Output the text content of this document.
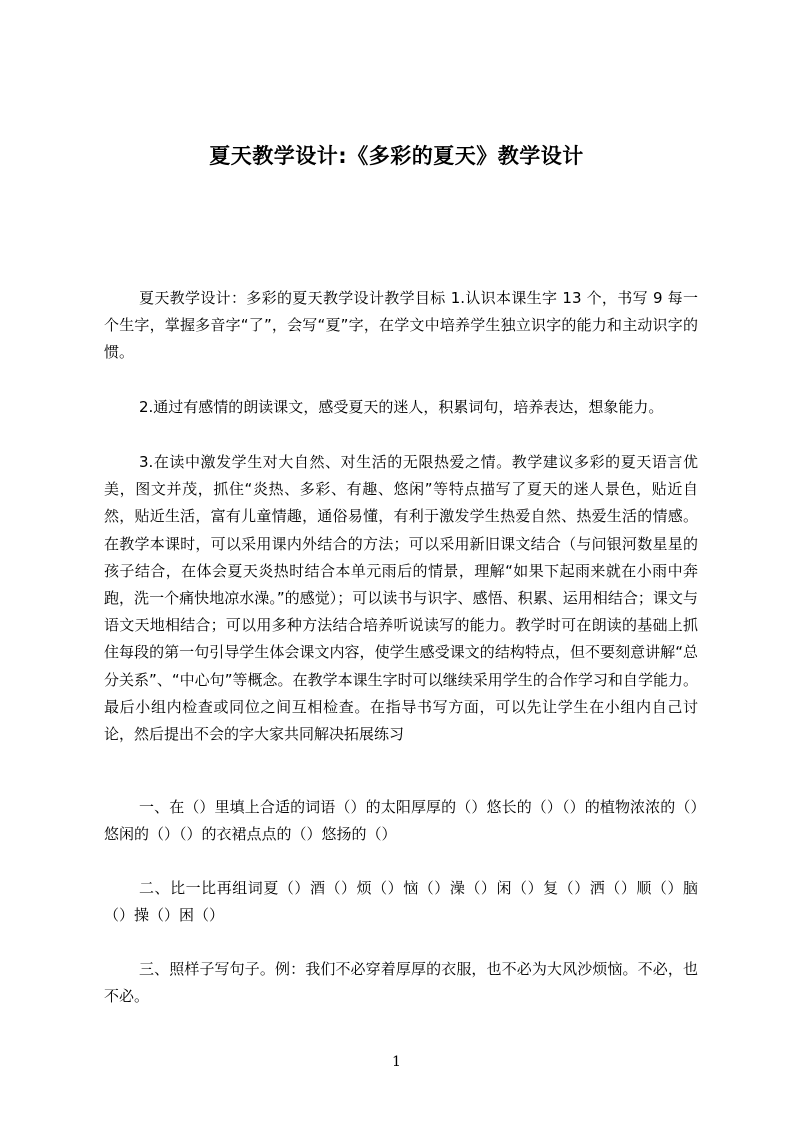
夏天教学设计:《多彩的夏天》教学设计

夏天教学设计：多彩的夏天教学设计教学目标 1.认识本课生字 13 个，书写 9 每一个生字，掌握多音字“了”，会写“夏”字，在学文中培养学生独立识字的能力和主动识字的惯。

2.通过有感情的朗读课文，感受夏天的迷人，积累词句，培养表达，想象能力。

3.在读中激发学生对大自然、对生活的无限热爱之情。教学建议多彩的夏天语言优美，图文并茂，抓住“炎热、多彩、有趣、悠闲”等特点描写了夏天的迷人景色，贴近自然，贴近生活，富有儿童情趣，通俗易懂，有利于激发学生热爱自然、热爱生活的情感。在教学本课时，可以采用课内外结合的方法；可以采用新旧课文结合（与问银河数星星的孩子结合，在体会夏天炎热时结合本单元雨后的情景，理解“如果下起雨来就在小雨中奔跑，洗一个痛快地凉水澡。”的感觉）；可以读书与识字、感悟、积累、运用相结合；课文与语文天地相结合；可以用多种方法结合培养听说读写的能力。教学时可在朗读的基础上抓住每段的第一句引导学生体会课文内容，使学生感受课文的结构特点，但不要刻意讲解“总分关系”、“中心句”等概念。在教学本课生字时可以继续采用学生的合作学习和自学能力。最后小组内检查或同位之间互相检查。在指导书写方面，可以先让学生在小组内自己讨论，然后提出不会的字大家共同解决拓展练习

一、在（）里填上合适的词语（）的太阳厚厚的（）悠长的（）（）的植物浓浓的（）悠闲的（）（）的衣裙点点的（）悠扬的（）

二、比一比再组词夏（）酒（）烦（）恼（）澡（）闲（）复（）洒（）顺（）脑（）操（）困（）

三、照样子写句子。例：我们不必穿着厚厚的衣服，也不必为大风沙烦恼。不必，也不必。

1
